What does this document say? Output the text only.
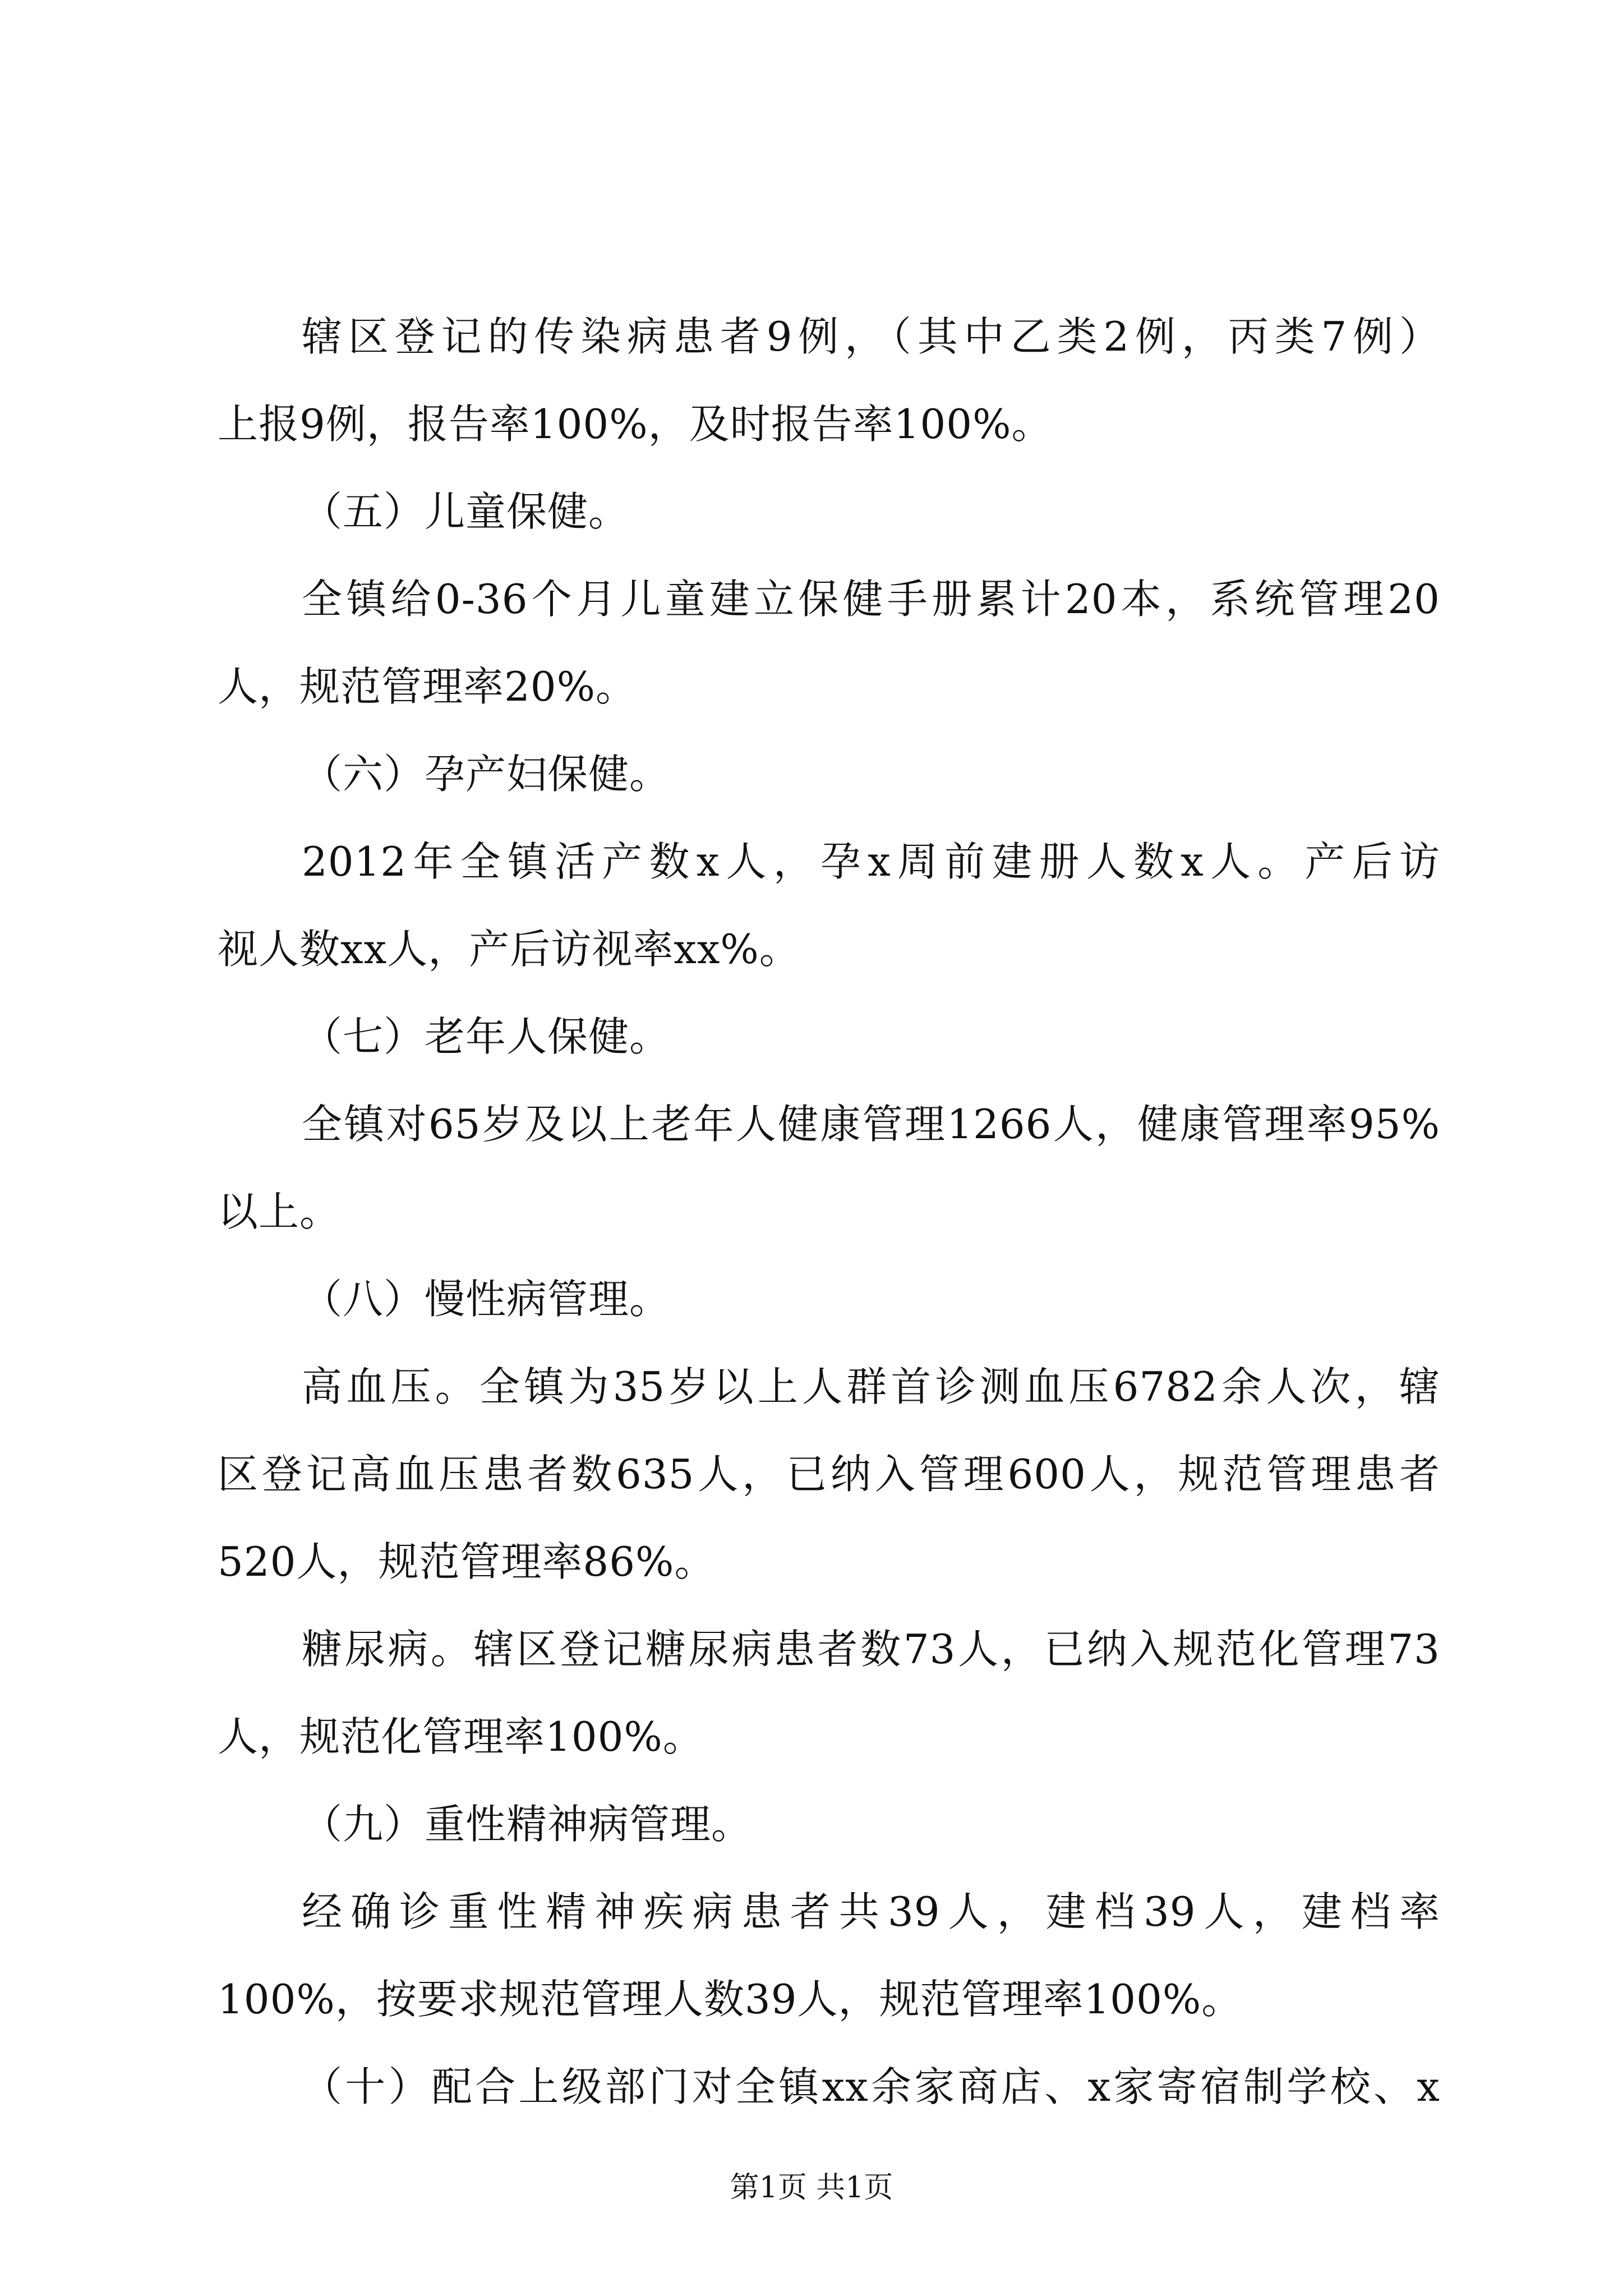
辖区登记的传染病患者9例，（其中乙类2例，丙类7例）
上报9例，报告率100%，及时报告率100%。
（五）儿童保健。
全镇给0-36个月儿童建立保健手册累计20本，系统管理20
人，规范管理率20%。
（六）孕产妇保健。
2012年全镇活产数x人，孕x周前建册人数x人。产后访
视人数xx人，产后访视率xx%。
（七）老年人保健。
全镇对65岁及以上老年人健康管理1266人，健康管理率95%
以上。
（八）慢性病管理。
高血压。全镇为35岁以上人群首诊测血压6782余人次，辖
区登记高血压患者数635人，已纳入管理600人，规范管理患者
520人，规范管理率86%。
糖尿病。辖区登记糖尿病患者数73人，已纳入规范化管理73
人，规范化管理率100%。
（九）重性精神病管理。
经确诊重性精神疾病患者共39人，建档39人，建档率
100%，按要求规范管理人数39人，规范管理率100%。
（十）配合上级部门对全镇xx余家商店、x家寄宿制学校、x
第1页 共1页
